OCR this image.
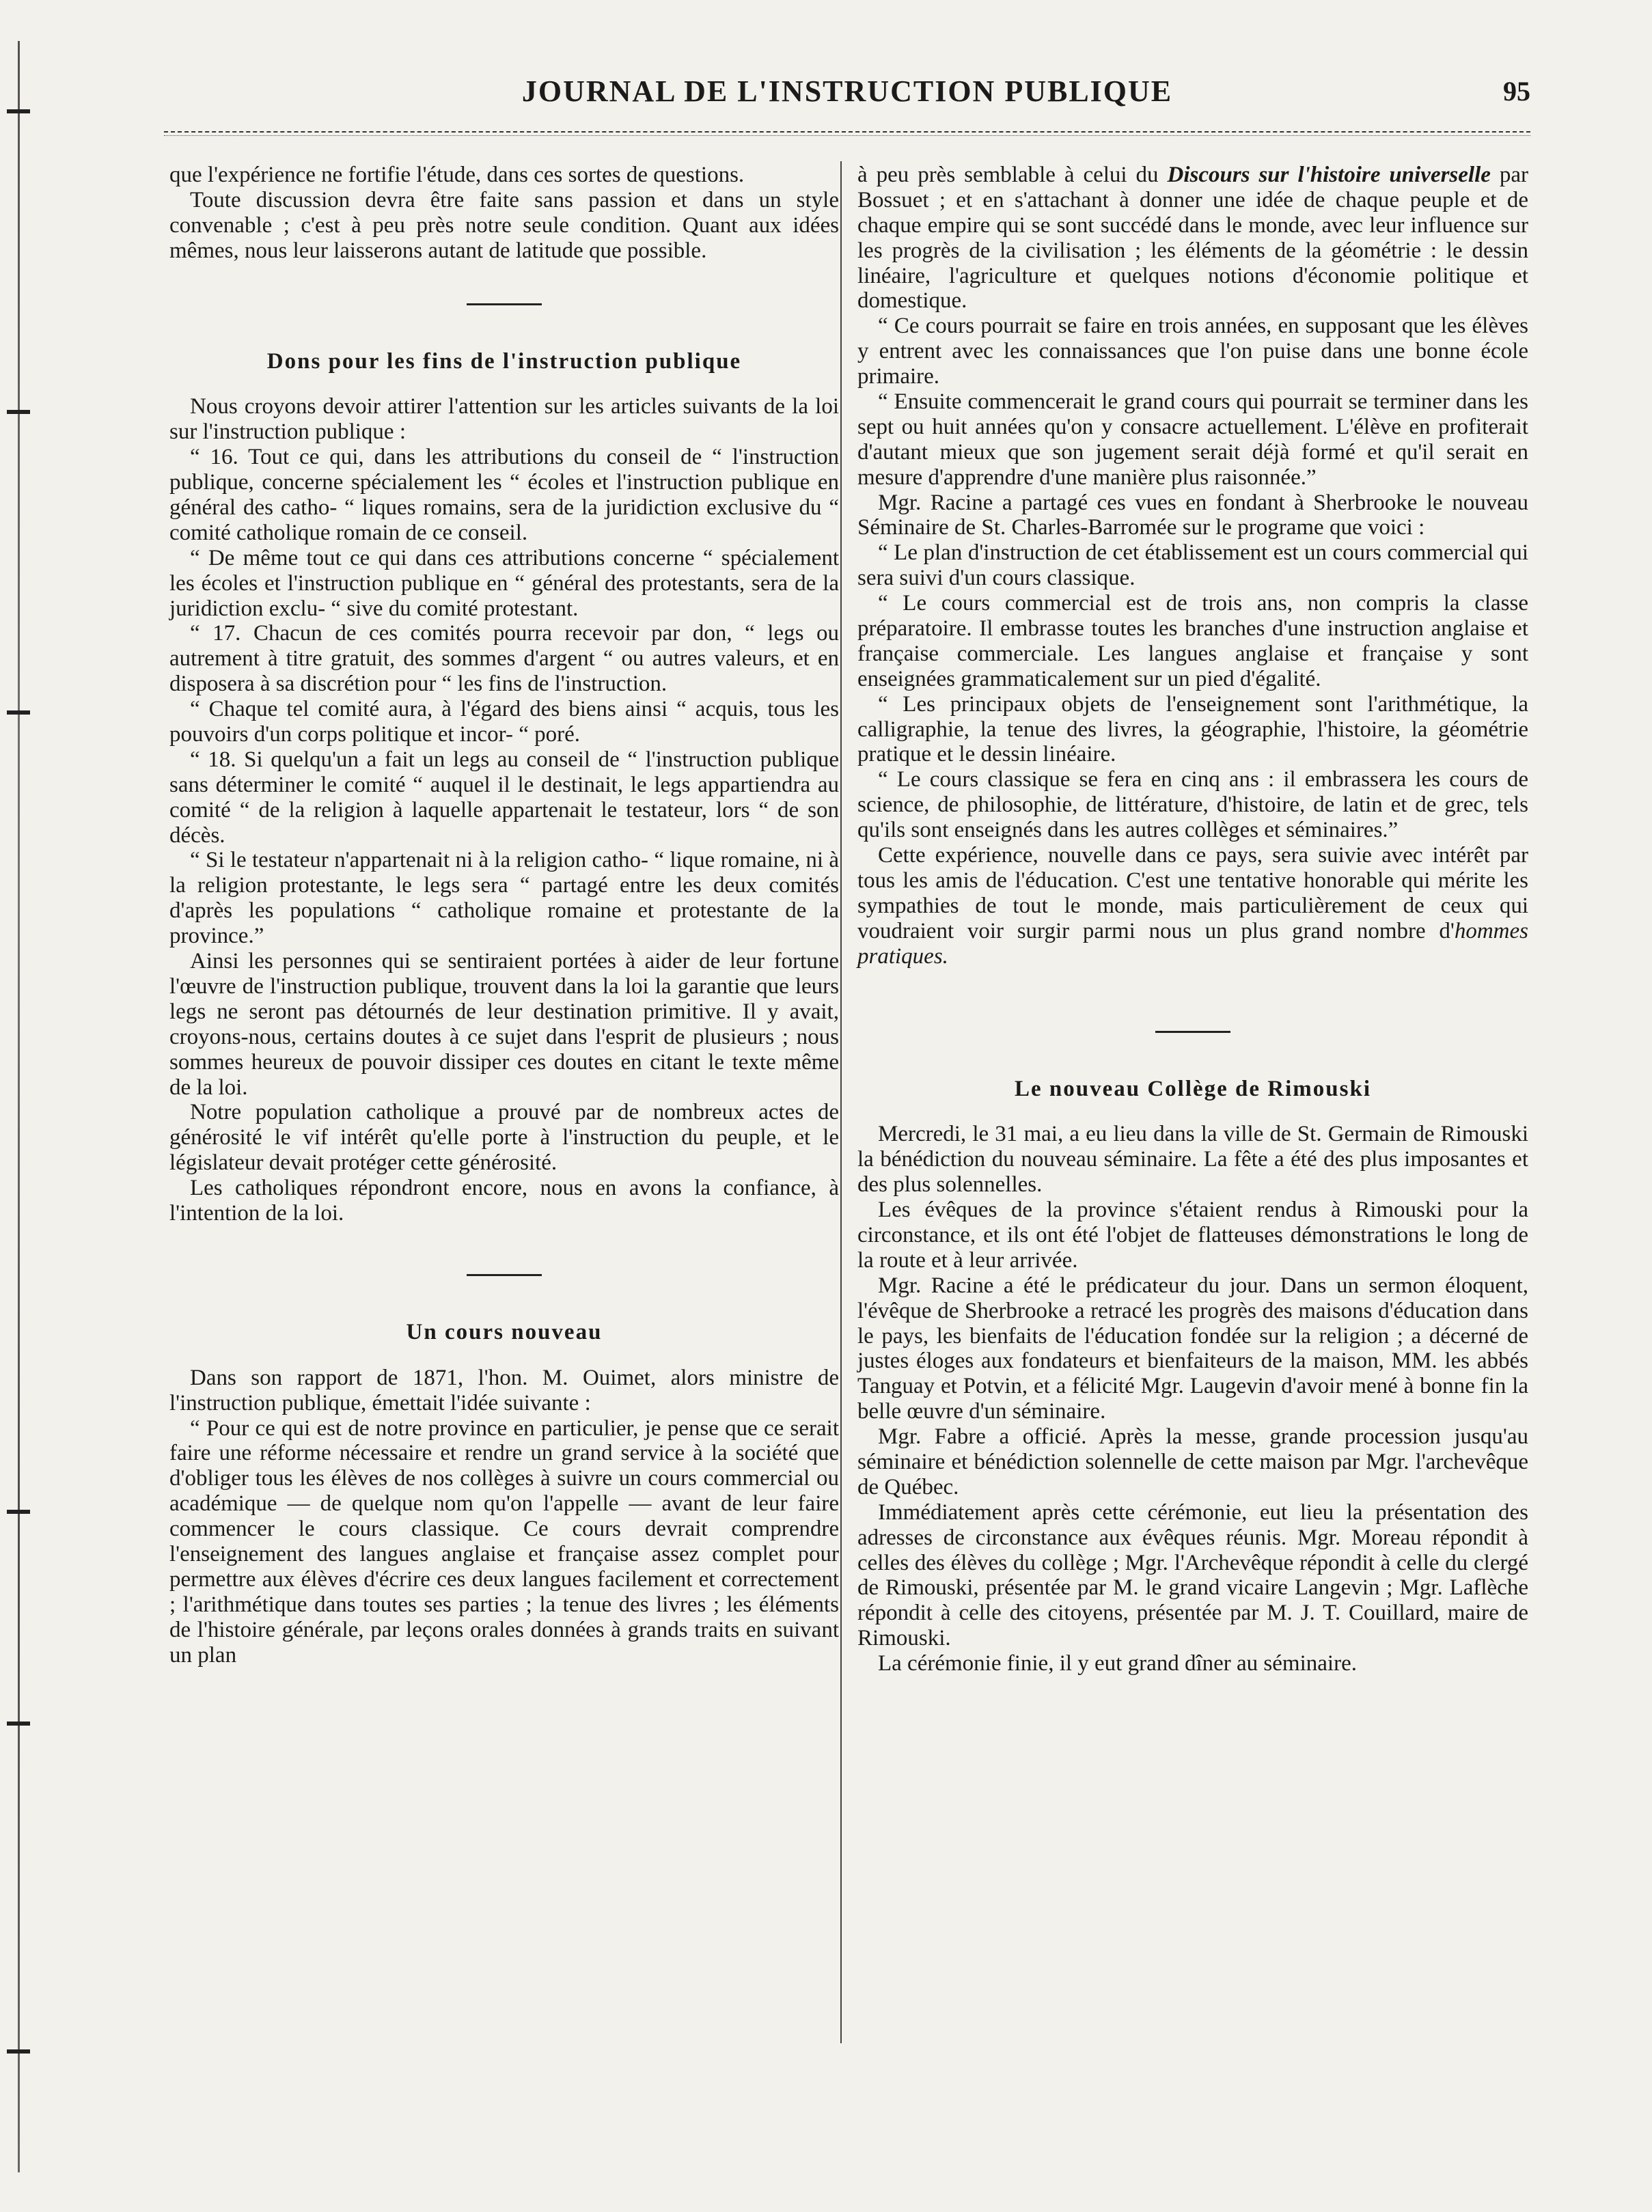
JOURNAL DE L'INSTRUCTION PUBLIQUE	95

que l'expérience ne fortifie l'étude, dans ces sortes de questions.

Toute discussion devra être faite sans passion et dans un style convenable ; c'est à peu près notre seule condition. Quant aux idées mêmes, nous leur laisserons autant de latitude que possible.

Dons pour les fins de l'instruction publique

Nous croyons devoir attirer l'attention sur les articles suivants de la loi sur l'instruction publique :

“ 16. Tout ce qui, dans les attributions du conseil de “ l'instruction publique, concerne spécialement les “ écoles et l'instruction publique en général des catho- “ liques romains, sera de la juridiction exclusive du “ comité catholique romain de ce conseil.

“ De même tout ce qui dans ces attributions concerne “ spécialement les écoles et l'instruction publique en “ général des protestants, sera de la juridiction exclu- “ sive du comité protestant.

“ 17. Chacun de ces comités pourra recevoir par don, “ legs ou autrement à titre gratuit, des sommes d'argent “ ou autres valeurs, et en disposera à sa discrétion pour “ les fins de l'instruction.

“ Chaque tel comité aura, à l'égard des biens ainsi “ acquis, tous les pouvoirs d'un corps politique et incor- “ poré.

“ 18. Si quelqu'un a fait un legs au conseil de “ l'instruction publique sans déterminer le comité “ auquel il le destinait, le legs appartiendra au comité “ de la religion à laquelle appartenait le testateur, lors “ de son décès.

“ Si le testateur n'appartenait ni à la religion catho- “ lique romaine, ni à la religion protestante, le legs sera “ partagé entre les deux comités d'après les populations “ catholique romaine et protestante de la province.”

Ainsi les personnes qui se sentiraient portées à aider de leur fortune l'œuvre de l'instruction publique, trouvent dans la loi la garantie que leurs legs ne seront pas détournés de leur destination primitive. Il y avait, croyons-nous, certains doutes à ce sujet dans l'esprit de plusieurs ; nous sommes heureux de pouvoir dissiper ces doutes en citant le texte même de la loi.

Notre population catholique a prouvé par de nombreux actes de générosité le vif intérêt qu'elle porte à l'instruction du peuple, et le législateur devait protéger cette générosité.

Les catholiques répondront encore, nous en avons la confiance, à l'intention de la loi.

Un cours nouveau

Dans son rapport de 1871, l'hon. M. Ouimet, alors ministre de l'instruction publique, émettait l'idée suivante :

“ Pour ce qui est de notre province en particulier, je pense que ce serait faire une réforme nécessaire et rendre un grand service à la société que d'obliger tous les élèves de nos collèges à suivre un cours commercial ou académique — de quelque nom qu'on l'appelle — avant de leur faire commencer le cours classique. Ce cours devrait comprendre l'enseignement des langues anglaise et française assez complet pour permettre aux élèves d'écrire ces deux langues facilement et correctement ; l'arithmétique dans toutes ses parties ; la tenue des livres ; les éléments de l'histoire générale, par leçons orales données à grands traits en suivant un plan

à peu près semblable à celui du Discours sur l'histoire universelle par Bossuet ; et en s'attachant à donner une idée de chaque peuple et de chaque empire qui se sont succédé dans le monde, avec leur influence sur les progrès de la civilisation ; les éléments de la géométrie : le dessin linéaire, l'agriculture et quelques notions d'économie politique et domestique.

“ Ce cours pourrait se faire en trois années, en supposant que les élèves y entrent avec les connaissances que l'on puise dans une bonne école primaire.

“ Ensuite commencerait le grand cours qui pourrait se terminer dans les sept ou huit années qu'on y consacre actuellement. L'élève en profiterait d'autant mieux que son jugement serait déjà formé et qu'il serait en mesure d'apprendre d'une manière plus raisonnée.”

Mgr. Racine a partagé ces vues en fondant à Sherbrooke le nouveau Séminaire de St. Charles-Barromée sur le programe que voici :

“ Le plan d'instruction de cet établissement est un cours commercial qui sera suivi d'un cours classique.

“ Le cours commercial est de trois ans, non compris la classe préparatoire. Il embrasse toutes les branches d'une instruction anglaise et française commerciale. Les langues anglaise et française y sont enseignées grammaticalement sur un pied d'égalité.

“ Les principaux objets de l'enseignement sont l'arithmétique, la calligraphie, la tenue des livres, la géographie, l'histoire, la géométrie pratique et le dessin linéaire.

“ Le cours classique se fera en cinq ans : il embrassera les cours de science, de philosophie, de littérature, d'histoire, de latin et de grec, tels qu'ils sont enseignés dans les autres collèges et séminaires.”

Cette expérience, nouvelle dans ce pays, sera suivie avec intérêt par tous les amis de l'éducation. C'est une tentative honorable qui mérite les sympathies de tout le monde, mais particulièrement de ceux qui voudraient voir surgir parmi nous un plus grand nombre d'hommes pratiques.

Le nouveau Collège de Rimouski

Mercredi, le 31 mai, a eu lieu dans la ville de St. Germain de Rimouski la bénédiction du nouveau séminaire. La fête a été des plus imposantes et des plus solennelles.

Les évêques de la province s'étaient rendus à Rimouski pour la circonstance, et ils ont été l'objet de flatteuses démonstrations le long de la route et à leur arrivée.

Mgr. Racine a été le prédicateur du jour. Dans un sermon éloquent, l'évêque de Sherbrooke a retracé les progrès des maisons d'éducation dans le pays, les bienfaits de l'éducation fondée sur la religion ; a décerné de justes éloges aux fondateurs et bienfaiteurs de la maison, MM. les abbés Tanguay et Potvin, et a félicité Mgr. Laugevin d'avoir mené à bonne fin la belle œuvre d'un séminaire.

Mgr. Fabre a officié. Après la messe, grande procession jusqu'au séminaire et bénédiction solennelle de cette maison par Mgr. l'archevêque de Québec.

Immédiatement après cette cérémonie, eut lieu la présentation des adresses de circonstance aux évêques réunis. Mgr. Moreau répondit à celles des élèves du collège ; Mgr. l'Archevêque répondit à celle du clergé de Rimouski, présentée par M. le grand vicaire Langevin ; Mgr. Laflèche répondit à celle des citoyens, présentée par M. J. T. Couillard, maire de Rimouski.

La cérémonie finie, il y eut grand dîner au séminaire.
